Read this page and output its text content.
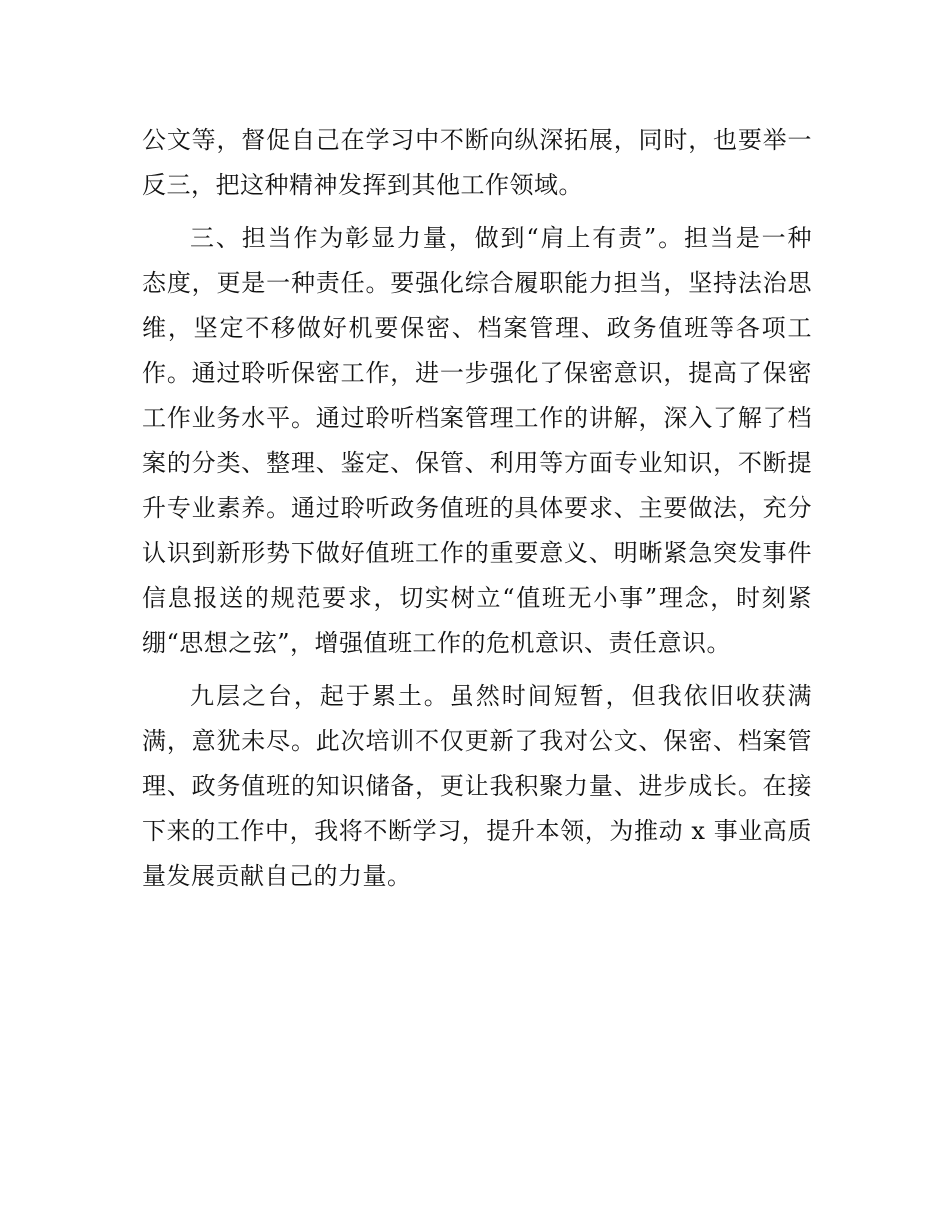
公文等，督促自己在学习中不断向纵深拓展，同时，也要举一
反三，把这种精神发挥到其他工作领域。
三、担当作为彰显力量，做到“肩上有责”。担当是一种
态度，更是一种责任。要强化综合履职能力担当，坚持法治思
维，坚定不移做好机要保密、档案管理、政务值班等各项工
作。通过聆听保密工作，进一步强化了保密意识，提高了保密
工作业务水平。通过聆听档案管理工作的讲解，深入了解了档
案的分类、整理、鉴定、保管、利用等方面专业知识，不断提
升专业素养。通过聆听政务值班的具体要求、主要做法，充分
认识到新形势下做好值班工作的重要意义、明晰紧急突发事件
信息报送的规范要求，切实树立“值班无小事”理念，时刻紧
绷“思想之弦”，增强值班工作的危机意识、责任意识。
九层之台，起于累土。虽然时间短暂，但我依旧收获满
满，意犹未尽。此次培训不仅更新了我对公文、保密、档案管
理、政务值班的知识储备，更让我积聚力量、进步成长。在接
下来的工作中，我将不断学习，提升本领，为推动 x 事业高质
量发展贡献自己的力量。
